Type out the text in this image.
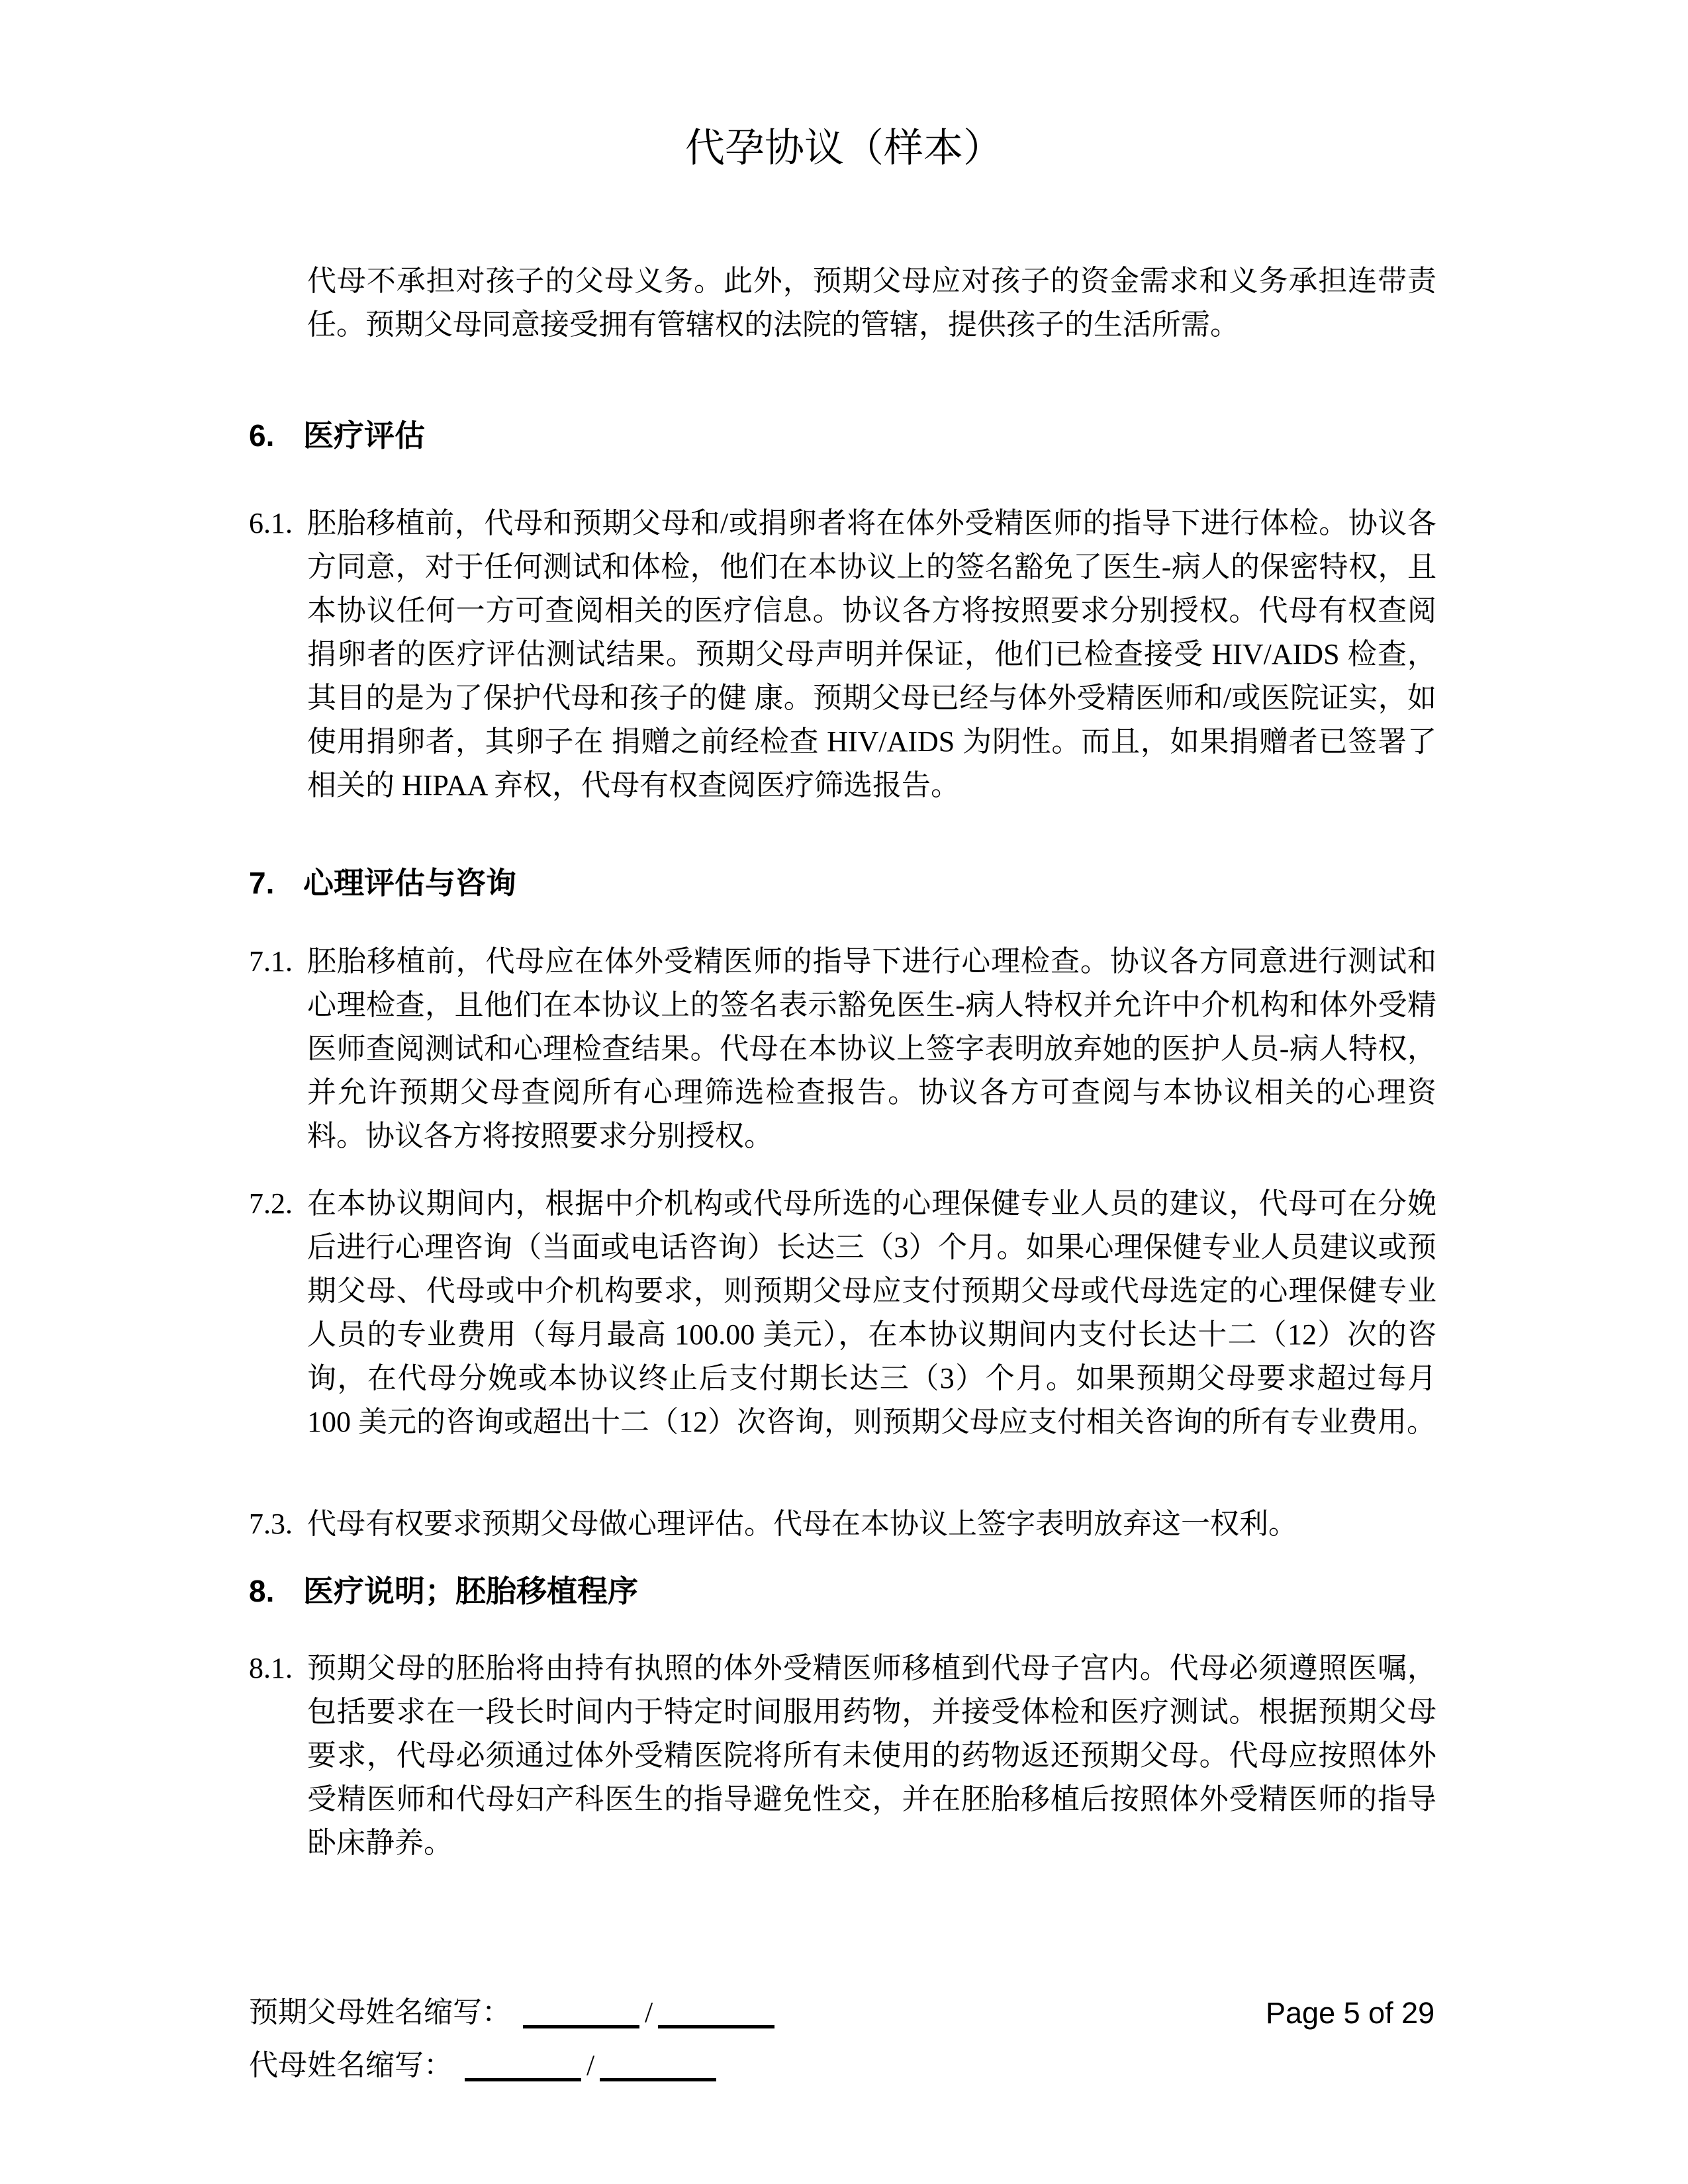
代孕协议（样本）
代母不承担对孩子的父母义务。此外，预期父母应对孩子的资金需求和义务承担连带责任。预期父母同意接受拥有管辖权的法院的管辖，提供孩子的生活所需。
6. 医疗评估
6.1. 胚胎移植前，代母和预期父母和/或捐卵者将在体外受精医师的指导下进行体检。协议各方同意，对于任何测试和体检，他们在本协议上的签名豁免了医生-病人的保密特权，且本协议任何一方可查阅相关的医疗信息。协议各方将按照要求分别授权。代母有权查阅捐卵者的医疗评估测试结果。预期父母声明并保证，他们已检查接受 HIV/AIDS 检查，其目的是为了保护代母和孩子的健 康。预期父母已经与体外受精医师和/或医院证实，如使用捐卵者，其卵子在 捐赠之前经检查 HIV/AIDS 为阴性。而且，如果捐赠者已签署了相关的 HIPAA 弃权，代母有权查阅医疗筛选报告。
7. 心理评估与咨询
7.1. 胚胎移植前，代母应在体外受精医师的指导下进行心理检查。协议各方同意进行测试和心理检查，且他们在本协议上的签名表示豁免医生-病人特权并允许中介机构和体外受精医师查阅测试和心理检查结果。代母在本协议上签字表明放弃她的医护人员-病人特权，并允许预期父母查阅所有心理筛选检查报告。协议各方可查阅与本协议相关的心理资料。协议各方将按照要求分别授权。
7.2. 在本协议期间内，根据中介机构或代母所选的心理保健专业人员的建议，代母可在分娩后进行心理咨询（当面或电话咨询）长达三（3）个月。如果心理保健专业人员建议或预期父母、代母或中介机构要求，则预期父母应支付预期父母或代母选定的心理保健专业人员的专业费用（每月最高 100.00 美元），在本协议期间内支付长达十二（12）次的咨询，在代母分娩或本协议终止后支付期长达三（3）个月。如果预期父母要求超过每月 100 美元的咨询或超出十二（12）次咨询，则预期父母应支付相关咨询的所有专业费用。
7.3. 代母有权要求预期父母做心理评估。代母在本协议上签字表明放弃这一权利。
8. 医疗说明；胚胎移植程序
8.1. 预期父母的胚胎将由持有执照的体外受精医师移植到代母子宫内。代母必须遵照医嘱，包括要求在一段长时间内于特定时间服用药物，并接受体检和医疗测试。根据预期父母要求，代母必须通过体外受精医院将所有未使用的药物返还预期父母。代母应按照体外受精医师和代母妇产科医生的指导避免性交，并在胚胎移植后按照体外受精医师的指导卧床静养。
预期父母姓名缩写：	/	Page 5 of 29
代母姓名缩写：	/
